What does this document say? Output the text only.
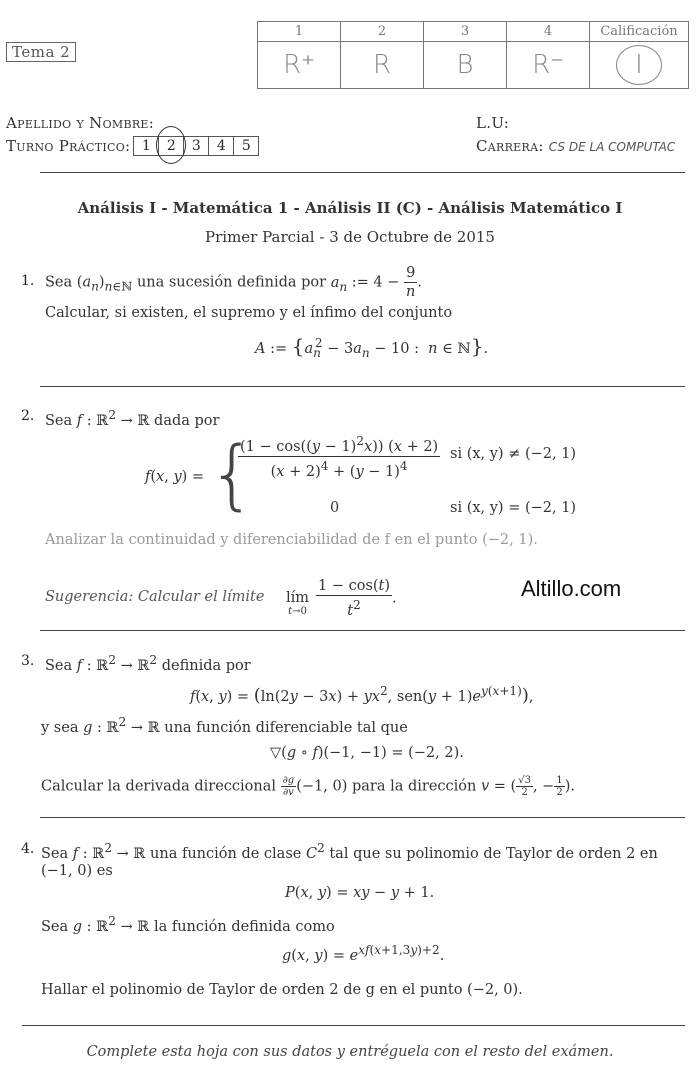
Tema 2
1	2	3	4	Calificación
R⁺	R	B	R⁻	I
Apellido y Nombre:	L.U:
Turno Práctico: 1	2	3	4	5	Carrera: CS DE LA COMPUTAC
Análisis I - Matemática 1 - Análisis II (C) - Análisis Matemático I
Primer Parcial - 3 de Octubre de 2015
1. Sea $(a_n)_{n\in ℕ}$ una sucesión definida por $a_n$ := $4 - \frac{9}{n}$ .
Calcular, si existen, el supremo y el ínfimo del conjunto
A := {$a_n^2 - 3a_n - 10$ :  n ∈ ℕ}.
2. Sea f : ℝ$^2$ → ℝ dada por
f(x, y) = {
$\frac{(1 - \cos((y - 1)^2x)) (x + 2)}{(x + 2)^4 + (y - 1)^4}$ si (x, y) ≠ (−2, 1)
0	si (x, y) = (−2, 1)
Analizar la continuidad y diferenciabilidad de f en el punto (−2, 1).
Sugerencia: Calcular el límite lím
$t\to 0 \frac{1 - \cos(t)}{t^2}$ .	Altillo.com
3. Sea f : ℝ$^2$ → ℝ$^2$ definida por
f(x, $y) = (\ln(2y - 3x) + yx^2$, $sen(y + 1)e^{y(x+1)}$),
y sea g : ℝ$^2$ → ℝ una función diferenciable tal que
▽(g ∘ f)(−1, −1) = (−2, 2).
Calcular la derivada direccional $\frac{\partial g}{\partial v} (-1$, 0) para la dirección v = ( $\frac{√3}{2}$ , − $\frac{1}{2}$ ).
4. Sea f : ℝ$^2$ → ℝ una función de clase $C^2$ tal que su polinomio de Taylor de orden 2 en
(−1, 0) es
P(x, y) = xy − y + 1.
Sea g : ℝ$^2$ → ℝ la función definida como
g(x, $y) = e^{xf(x+1,3y)+2}$.
Hallar el polinomio de Taylor de orden 2 de g en el punto (−2, 0).
Complete esta hoja con sus datos y entréguela con el resto del exámen.
